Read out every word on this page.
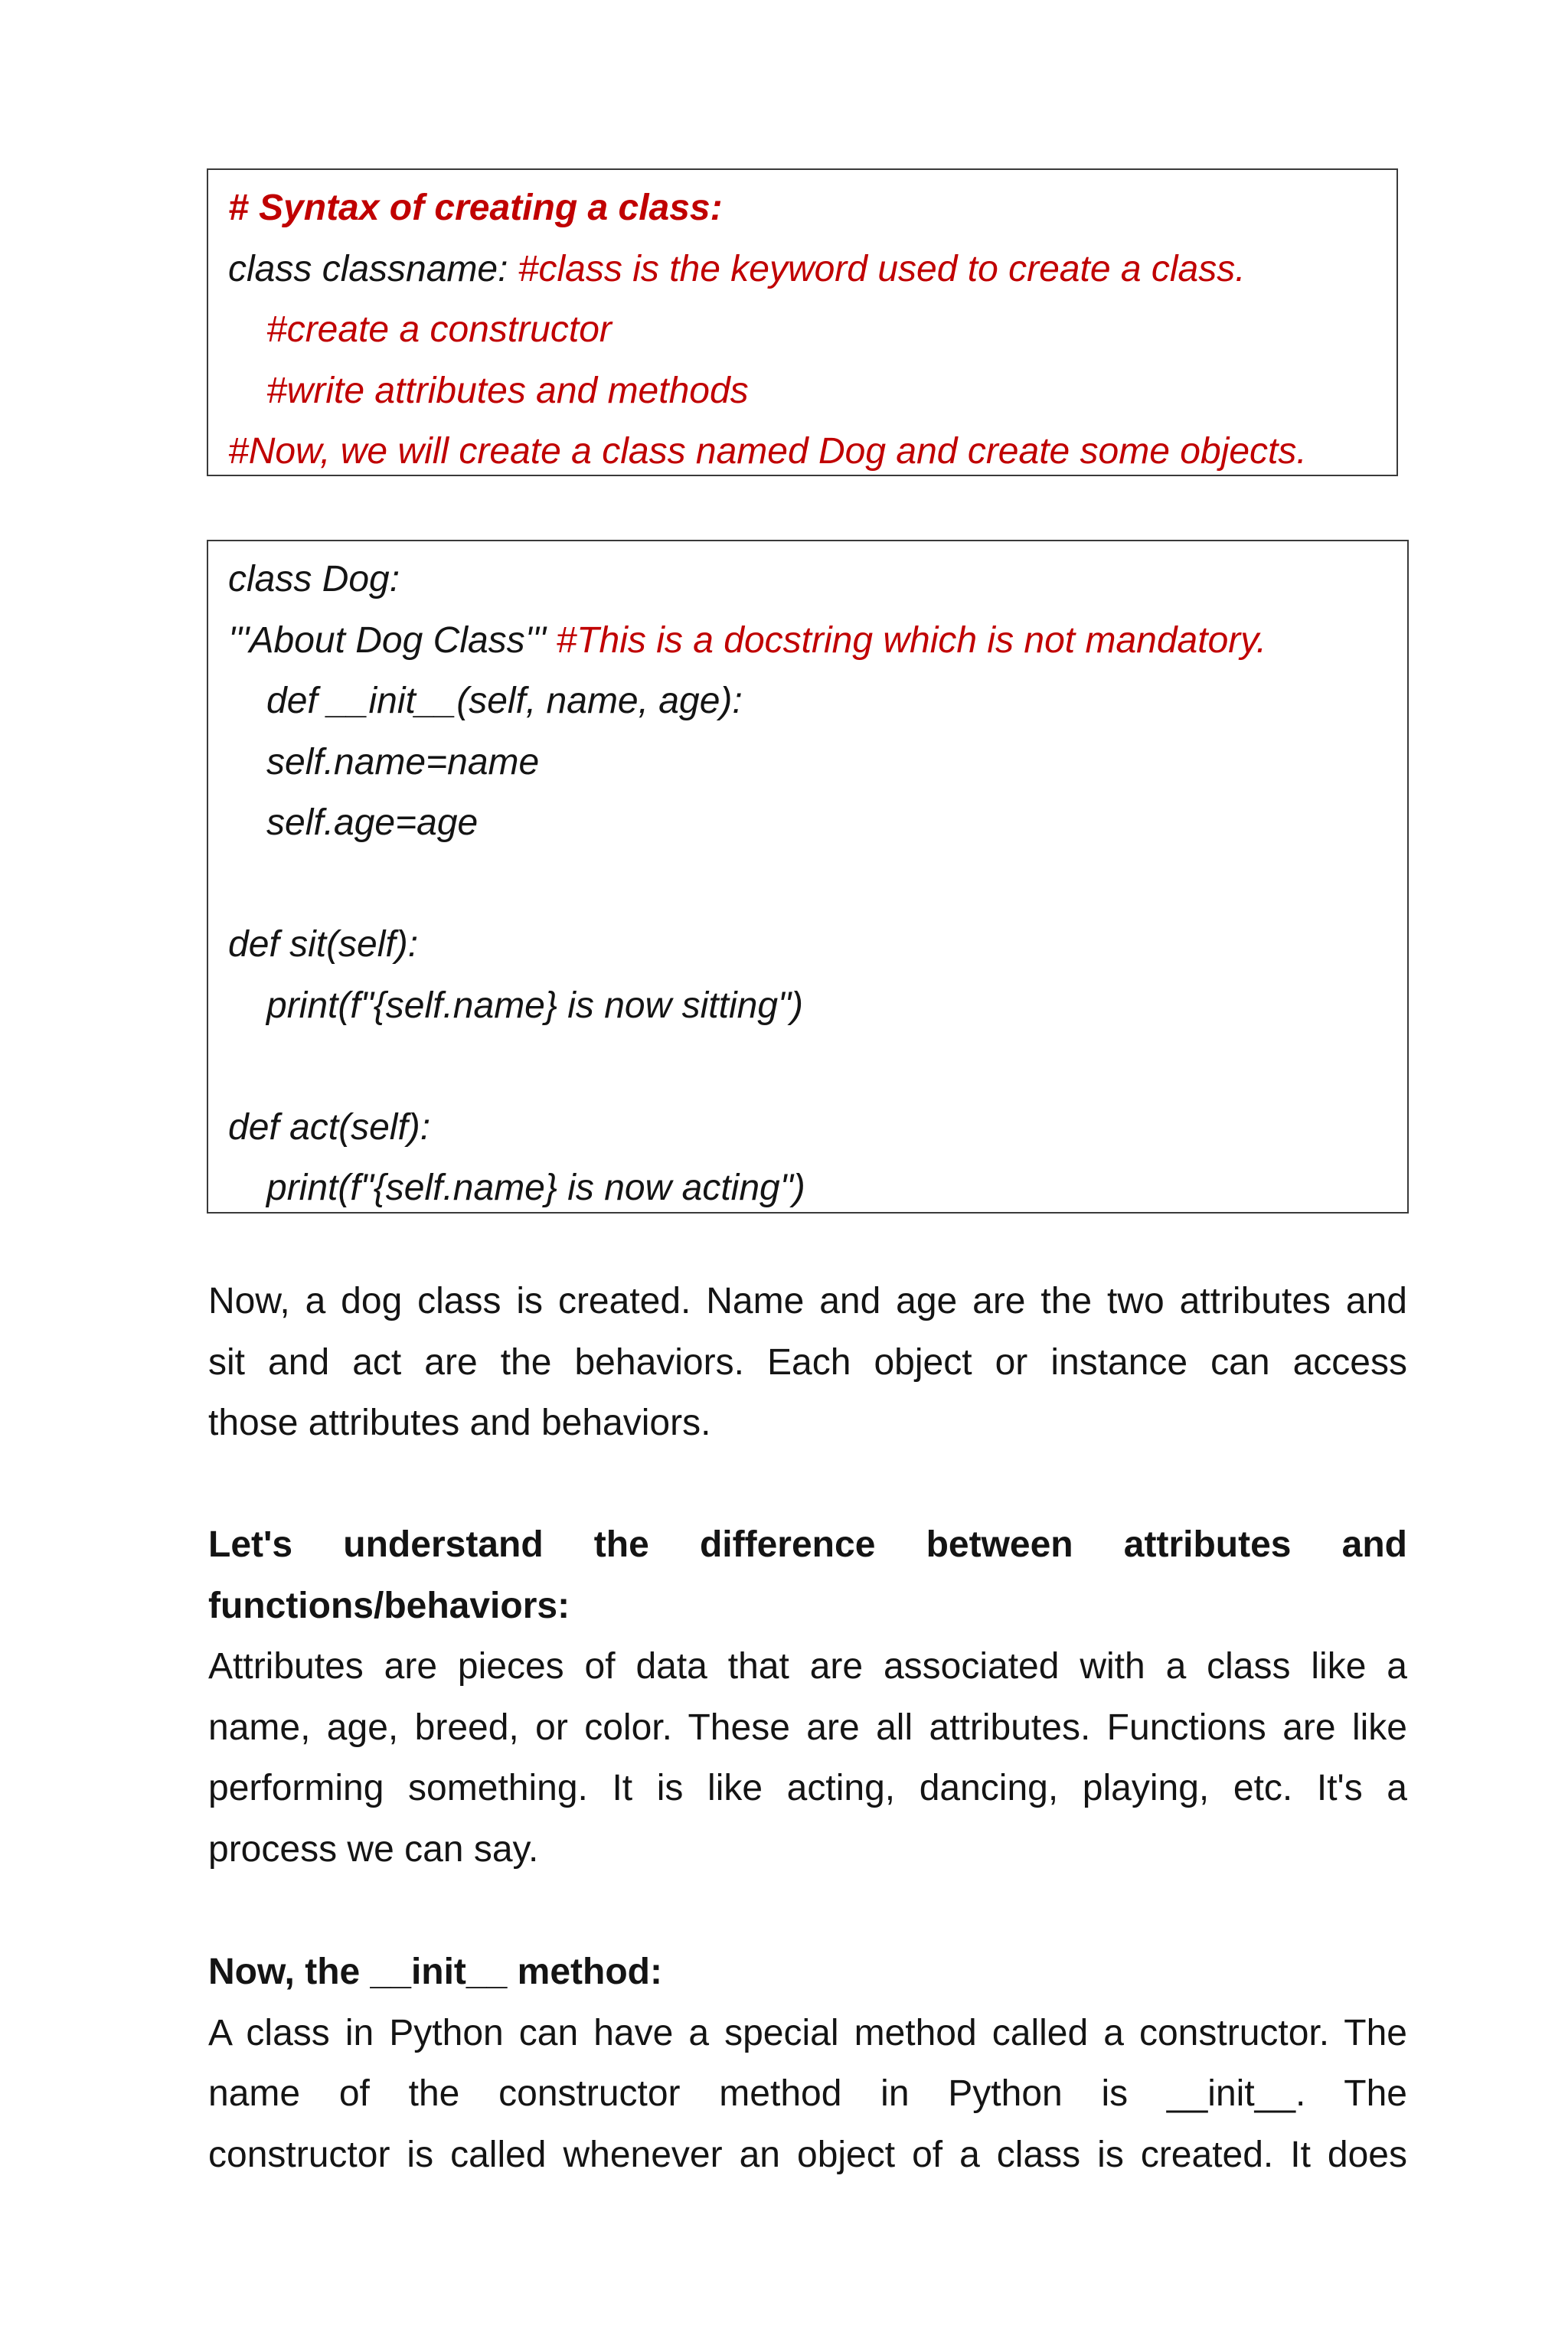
# Syntax of creating a class:
class classname: #class is the keyword used to create a class.
#create a constructor
#write attributes and methods
#Now, we will create a class named Dog and create some objects.
class Dog:
'''About Dog Class''' #This is a docstring which is not mandatory.
def __init__(self, name, age):
self.name=name
self.age=age
def sit(self):
print(f"{self.name} is now sitting")
def act(self):
print(f"{self.name} is now acting")
Now, a dog class is created. Name and age are the two attributes and
sit and act are the behaviors. Each object or instance can access
those attributes and behaviors.
Let's understand the difference between attributes and
functions/behaviors:
Attributes are pieces of data that are associated with a class like a
name, age, breed, or color. These are all attributes. Functions are like
performing something. It is like acting, dancing, playing, etc. It's a
process we can say.
Now, the __init__ method:
A class in Python can have a special method called a constructor. The
name of the constructor method in Python is __init__. The
constructor is called whenever an object of a class is created. It does
